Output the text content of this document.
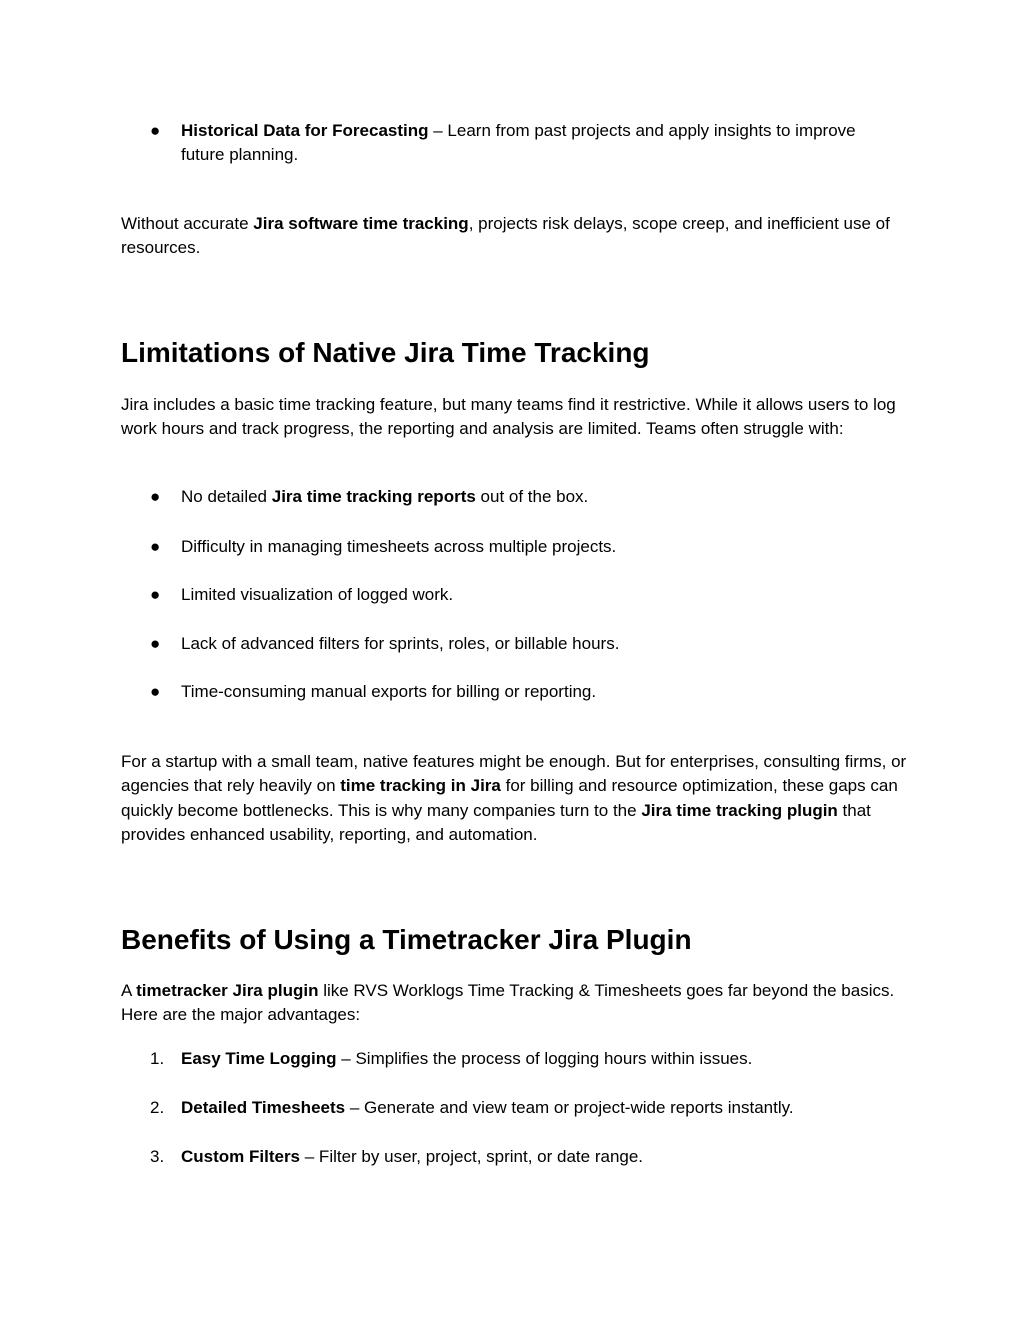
●	Historical Data for Forecasting – Learn from past projects and apply insights to improve future planning.
Without accurate Jira software time tracking, projects risk delays, scope creep, and inefficient use of resources.
Limitations of Native Jira Time Tracking
Jira includes a basic time tracking feature, but many teams find it restrictive. While it allows users to log work hours and track progress, the reporting and analysis are limited. Teams often struggle with:
●	No detailed Jira time tracking reports out of the box.
●	Difficulty in managing timesheets across multiple projects.
●	Limited visualization of logged work.
●	Lack of advanced filters for sprints, roles, or billable hours.
●	Time-consuming manual exports for billing or reporting.
For a startup with a small team, native features might be enough. But for enterprises, consulting firms, or agencies that rely heavily on time tracking in Jira for billing and resource optimization, these gaps can quickly become bottlenecks. This is why many companies turn to the Jira time tracking plugin that provides enhanced usability, reporting, and automation.
Benefits of Using a Timetracker Jira Plugin
A timetracker Jira plugin like RVS Worklogs Time Tracking & Timesheets goes far beyond the basics. Here are the major advantages:
1. Easy Time Logging – Simplifies the process of logging hours within issues.
2. Detailed Timesheets – Generate and view team or project-wide reports instantly.
3. Custom Filters – Filter by user, project, sprint, or date range.
